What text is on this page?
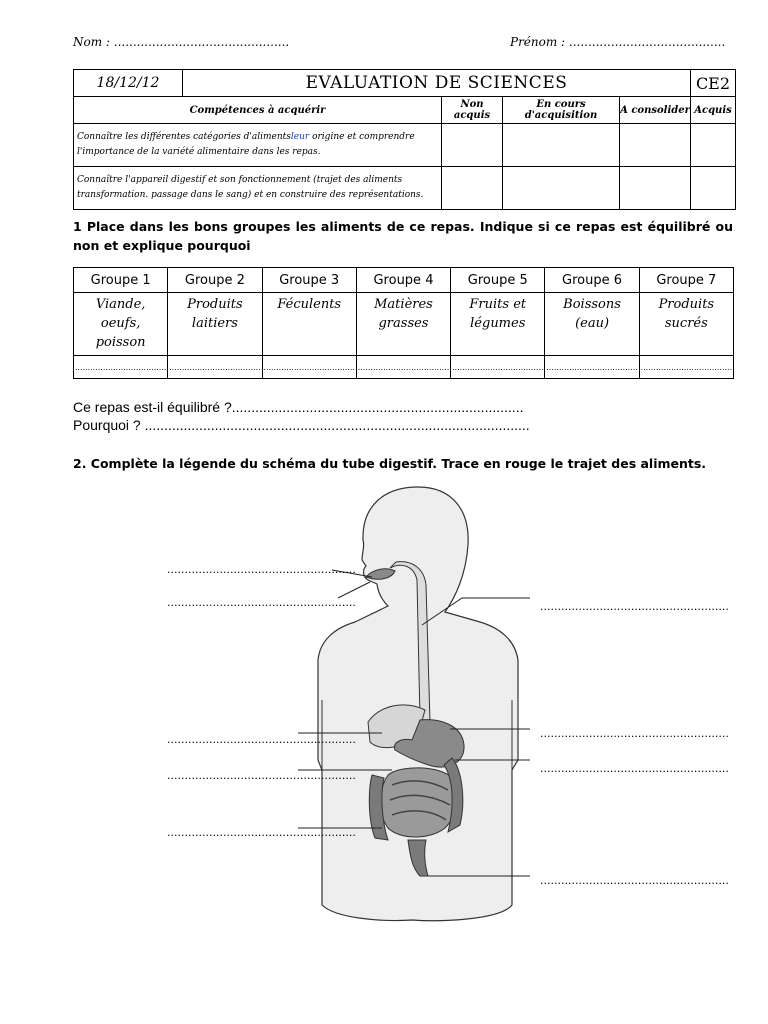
Nom : ..............................................	Prénom : .........................................
18/12/12	EVALUATION DE SCIENCES				CE2
Compétences à acquérir		Non acquis	En cours d'acquisition	A consolider	Acquis
Connaître les différentes catégories d'alimentsleur origine et comprendre l'importance de la variété alimentaire dans les repas.					
Connaître l'appareil digestif et son fonctionnement (trajet des aliments transformation. passage dans le sang) et en construire des représentations.					
1 Place dans les bons groupes les aliments de ce repas. Indique si ce repas est équilibré ou non et explique pourquoi
Groupe 1	Groupe 2	Groupe 3	Groupe 4	Groupe 5	Groupe 6	Groupe 7
Viande, oeufs, poisson	Produits laitiers	Féculents	Matières grasses	Fruits et légumes	Boissons (eau)	Produits sucrés
....................................	....................................	....................................	....................................	....................................	....................................	....................................
Ce repas est-il équilibré ?...........................................................................
Pourquoi ? ...................................................................................................
2. Complète la légende du schéma du tube digestif. Trace en rouge le trajet des aliments.
......................................................
......................................................
......................................................
......................................................
......................................................
......................................................
......................................................
......................................................
......................................................
